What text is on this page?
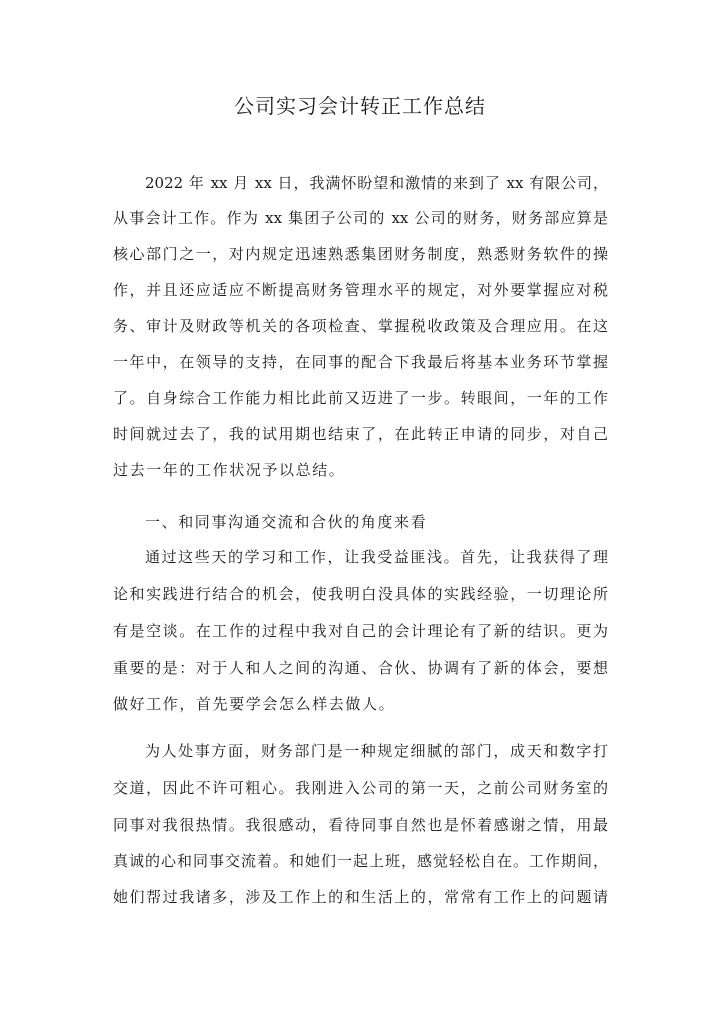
公司实习会计转正工作总结
2022 年 xx 月 xx 日，我满怀盼望和激情的来到了 xx 有限公司，
从事会计工作。作为 xx 集团子公司的 xx 公司的财务，财务部应算是
核心部门之一，对内规定迅速熟悉集团财务制度，熟悉财务软件的操
作，并且还应适应不断提高财务管理水平的规定，对外要掌握应对税
务、审计及财政等机关的各项检查、掌握税收政策及合理应用。在这
一年中，在领导的支持，在同事的配合下我最后将基本业务环节掌握
了。自身综合工作能力相比此前又迈进了一步。转眼间，一年的工作
时间就过去了，我的试用期也结束了，在此转正申请的同步，对自己
过去一年的工作状况予以总结。
一、和同事沟通交流和合伙的角度来看
通过这些天的学习和工作，让我受益匪浅。首先，让我获得了理
论和实践进行结合的机会，使我明白没具体的实践经验，一切理论所
有是空谈。在工作的过程中我对自己的会计理论有了新的结识。更为
重要的是：对于人和人之间的沟通、合伙、协调有了新的体会，要想
做好工作，首先要学会怎么样去做人。
为人处事方面，财务部门是一种规定细腻的部门，成天和数字打
交道，因此不许可粗心。我刚进入公司的第一天，之前公司财务室的
同事对我很热情。我很感动，看待同事自然也是怀着感谢之情，用最
真诚的心和同事交流着。和她们一起上班，感觉轻松自在。工作期间，
她们帮过我诸多，涉及工作上的和生活上的，常常有工作上的问题请
